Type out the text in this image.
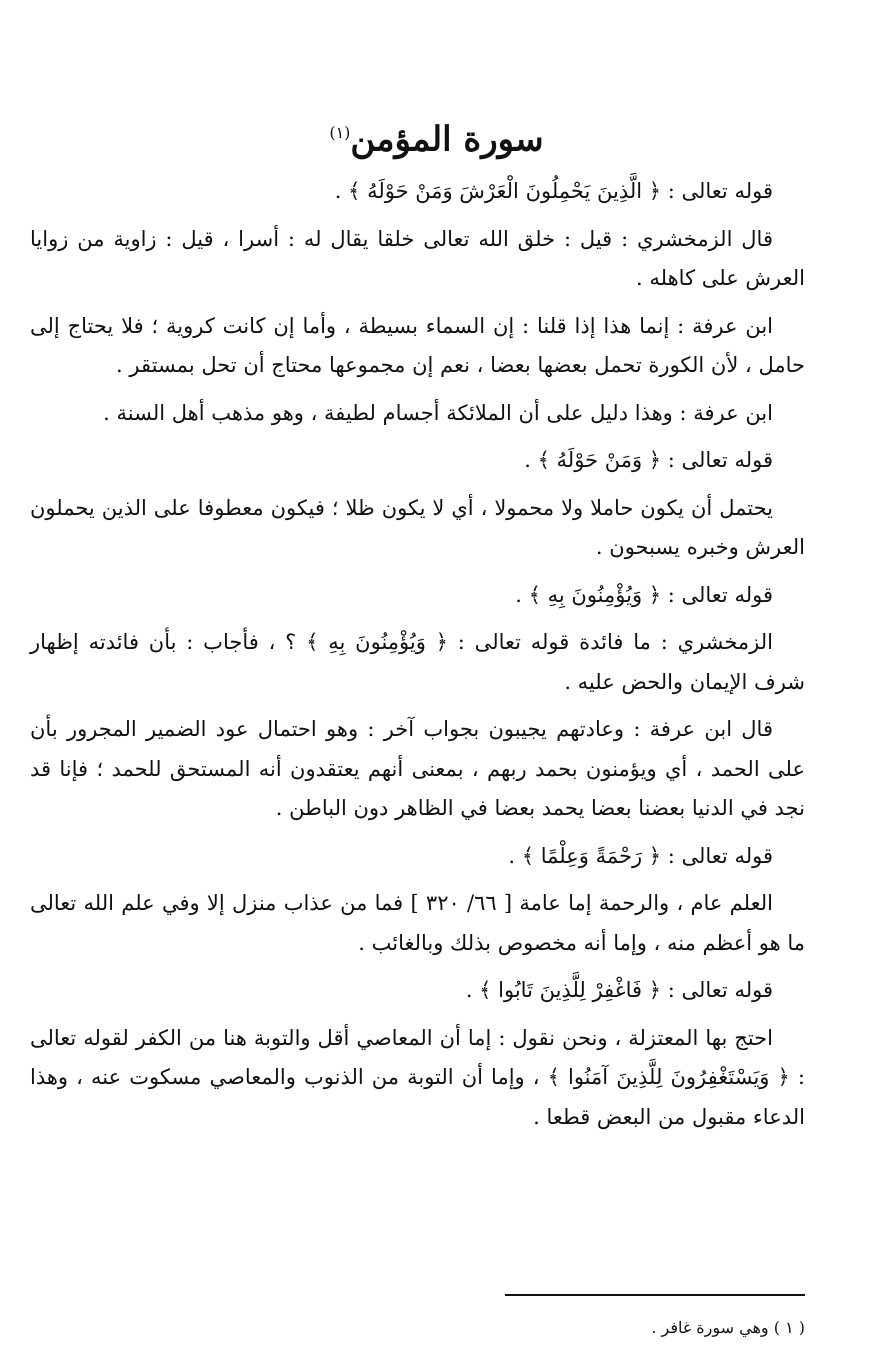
سورة المؤمن$^{(١)}$

قوله تعالى : ﴿ الَّذِينَ يَحْمِلُونَ الْعَرْشَ وَمَنْ حَوْلَهُ ﴾ .

قال الزمخشري : قيل : خلق الله تعالى خلقا يقال له : أسرا ، قيل : زاوية من زوايا العرش على كاهله .

ابن عرفة : إنما هذا إذا قلنا : إن السماء بسيطة ، وأما إن كانت كروية ؛ فلا يحتاج إلى حامل ، لأن الكورة تحمل بعضها بعضا ، نعم إن مجموعها محتاج أن تحل بمستقر .

ابن عرفة : وهذا دليل على أن الملائكة أجسام لطيفة ، وهو مذهب أهل السنة .

قوله تعالى : ﴿ وَمَنْ حَوْلَهُ ﴾ .

يحتمل أن يكون حاملا ولا محمولا ، أي لا يكون ظلا ؛ فيكون معطوفا على الذين يحملون العرش وخبره يسبحون .

قوله تعالى : ﴿ وَيُؤْمِنُونَ بِهِ ﴾ .

الزمخشري : ما فائدة قوله تعالى : ﴿ وَيُؤْمِنُونَ بِهِ ﴾ ؟ ، فأجاب : بأن فائدته إظهار شرف الإيمان والحض عليه .

قال ابن عرفة : وعادتهم يجيبون بجواب آخر : وهو احتمال عود الضمير المجرور بأن على الحمد ، أي ويؤمنون بحمد ربهم ، بمعنى أنهم يعتقدون أنه المستحق للحمد ؛ فإنا قد نجد في الدنيا بعضنا بعضا يحمد بعضا في الظاهر دون الباطن .

قوله تعالى : ﴿ رَحْمَةً وَعِلْمًا ﴾ .

العلم عام ، والرحمة إما عامة [ ٦٦/ ٣٢٠ ] فما من عذاب منزل إلا وفي علم الله تعالى ما هو أعظم منه ، وإما أنه مخصوص بذلك وبالغائب .

قوله تعالى : ﴿ فَاغْفِرْ لِلَّذِينَ تَابُوا ﴾ .

احتج بها المعتزلة ، ونحن نقول : إما أن المعاصي أقل والتوبة هنا من الكفر لقوله تعالى : ﴿ وَيَسْتَغْفِرُونَ لِلَّذِينَ آمَنُوا ﴾ ، وإما أن التوبة من الذنوب والمعاصي مسكوت عنه ، وهذا الدعاء مقبول من البعض قطعا .

( ١ ) وهي سورة غافر .
